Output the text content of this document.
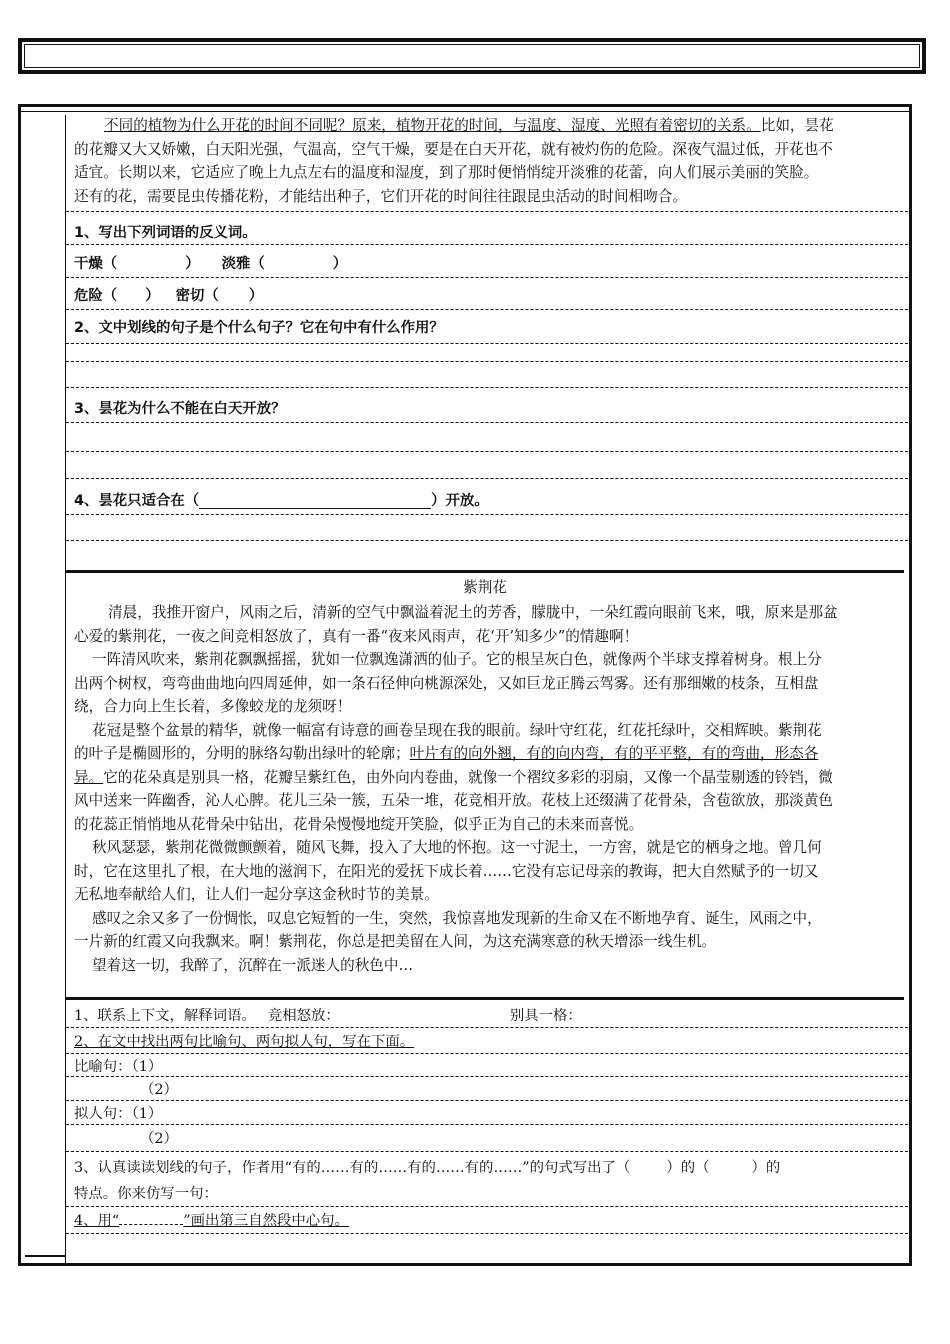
不同的植物为什么开花的时间不同呢？原来，植物开花的时间，与温度、湿度、光照有着密切的关系。比如，昙花
的花瓣又大又娇嫩，白天阳光强，气温高，空气干燥，要是在白天开花，就有被灼伤的危险。深夜气温过低，开花也不
适宜。长期以来，它适应了晚上九点左右的温度和湿度，到了那时便悄悄绽开淡雅的花蕾，向人们展示美丽的笑脸。
还有的花，需要昆虫传播花粉，才能结出种子，它们开花的时间往往跟昆虫活动的时间相吻合。
1、写出下列词语的反义词。
干燥（	） 淡雅（	）
危险（ ） 密切（ ）
2、文中划线的句子是个什么句子？它在句中有什么作用？
3、昙花为什么不能在白天开放？
4、昙花只适合在（	）开放。
紫荆花
清晨，我推开窗户，风雨之后，清新的空气中飘溢着泥土的芳香，朦胧中，一朵红霞向眼前飞来，哦，原来是那盆
心爱的紫荆花，一夜之间竞相怒放了，真有一番“夜来风雨声，花‘开’知多少”的情趣啊！
一阵清风吹来，紫荆花飘飘摇摇，犹如一位飘逸潇洒的仙子。它的根呈灰白色，就像两个半球支撑着树身。根上分
出两个树杈，弯弯曲曲地向四周延伸，如一条石径伸向桃源深处，又如巨龙正腾云驾雾。还有那细嫩的枝条，互相盘
绕，合力向上生长着，多像蛟龙的龙须呀！
花冠是整个盆景的精华，就像一幅富有诗意的画卷呈现在我的眼前。绿叶守红花，红花托绿叶，交相辉映。紫荆花
的叶子是椭圆形的，分明的脉络勾勒出绿叶的轮廓；叶片有的向外翘，有的向内弯，有的平平整，有的弯曲，形态各
异。它的花朵真是别具一格，花瓣呈紫红色，由外向内卷曲，就像一个褶纹多彩的羽扇，又像一个晶莹剔透的铃铛，微
风中送来一阵幽香，沁人心脾。花儿三朵一簇，五朵一堆，花竞相开放。花枝上还缀满了花骨朵，含苞欲放，那淡黄色
的花蕊正悄悄地从花骨朵中钻出，花骨朵慢慢地绽开笑脸，似乎正为自己的未来而喜悦。
秋风瑟瑟，紫荆花微微颤颤着，随风飞舞，投入了大地的怀抱。这一寸泥土，一方窖，就是它的栖身之地。曾几何
时，它在这里扎了根，在大地的滋润下，在阳光的爱抚下成长着……它没有忘记母亲的教诲，把大自然赋予的一切又
无私地奉献给人们，让人们一起分享这金秋时节的美景。
感叹之余又多了一份惆怅，叹息它短暂的一生，突然，我惊喜地发现新的生命又在不断地孕育、诞生，风雨之中，
一片新的红霞又向我飘来。啊！紫荆花，你总是把美留在人间，为这充满寒意的秋天增添一线生机。
望着这一切，我醉了，沉醉在一派迷人的秋色中…
1、联系上下文，解释词语。 竞相怒放：	别具一格：
2、在文中找出两句比喻句、两句拟人句，写在下面。
比喻句：（1）
（2）
拟人句：（1）
（2）
3、认真读读划线的句子，作者用“有的……有的……有的……有的……”的句式写出了（	）的（	）的
特点。你来仿写一句：
4、用“	”画出第三自然段中心句。
